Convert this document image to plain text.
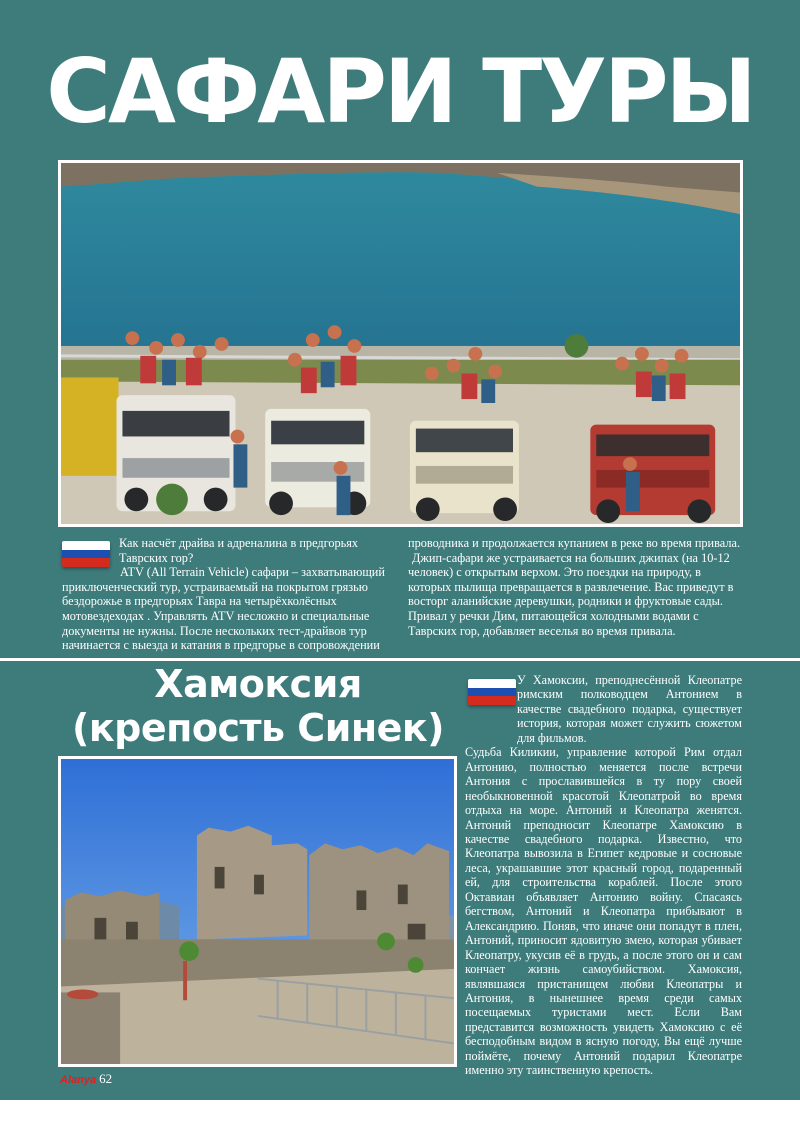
САФАРИ ТУРЫ

Как насчёт драйва и адреналина в предгорьях Таврских гор?

ATV (All Terrain Vehicle) сафари – захватывающий приключенческий тур, устраиваемый на покрытом грязью бездорожье в предгорьях Тавра на четырёхколёсных мотовездеходах . Управлять ATV несложно и специальные документы не нужны. После нескольких тест-драйвов тур начинается с выезда и катания в предгорье в сопровождении

проводника и продолжается купанием в реке во время привала.

Джип-сафари же устраивается на больших джипах (на 10-12 человек) с открытым верхом. Это поездки на природу, в которых пылища превращается в развлечение. Вас приведут в восторг аланийские деревушки, родники и фруктовые сады. Привал у речки Дим, питающейся холодными водами с Таврских гор, добавляет веселья во время привала.

Хамоксия (крепость Синек)

У Хамоксии, преподнесённой Клеопатре римским полководцем Антонием в качестве свадебного подарка, существует история, которая может служить сюжетом для фильмов.

Судьба Киликии, управление которой Рим отдал Антонию, полностью меняется после встречи Антония с прославившейся в ту пору своей необыкновенной красотой Клеопатрой во время отдыха на море. Антоний и Клеопатра женятся. Антоний преподносит Клеопатре Хамоксию в качестве свадебного подарка. Известно, что Клеопатра вывозила в Египет кедровые и сосновые леса, украшавшие этот красный город, подаренный ей, для строительства кораблей. После этого Октавиан объявляет Антонию войну. Спасаясь бегством, Антоний и Клеопатра прибывают в Александрию. Поняв, что иначе они попадут в плен, Антоний, приносит ядовитую змею, которая убивает Клеопатру, укусив её в грудь, а после этого он и сам кончает жизнь самоубийством. Хамоксия, являвшаяся пристанищем любви Клеопатры и Антония, в нынешнее время среди самых посещаемых туристами мест. Если Вам представится возможность увидеть Хамоксию с её бесподобным видом в ясную погоду, Вы ещё лучше поймёте, почему Антоний подарил Клеопатре именно эту таинственную крепость.

Alanya 62
